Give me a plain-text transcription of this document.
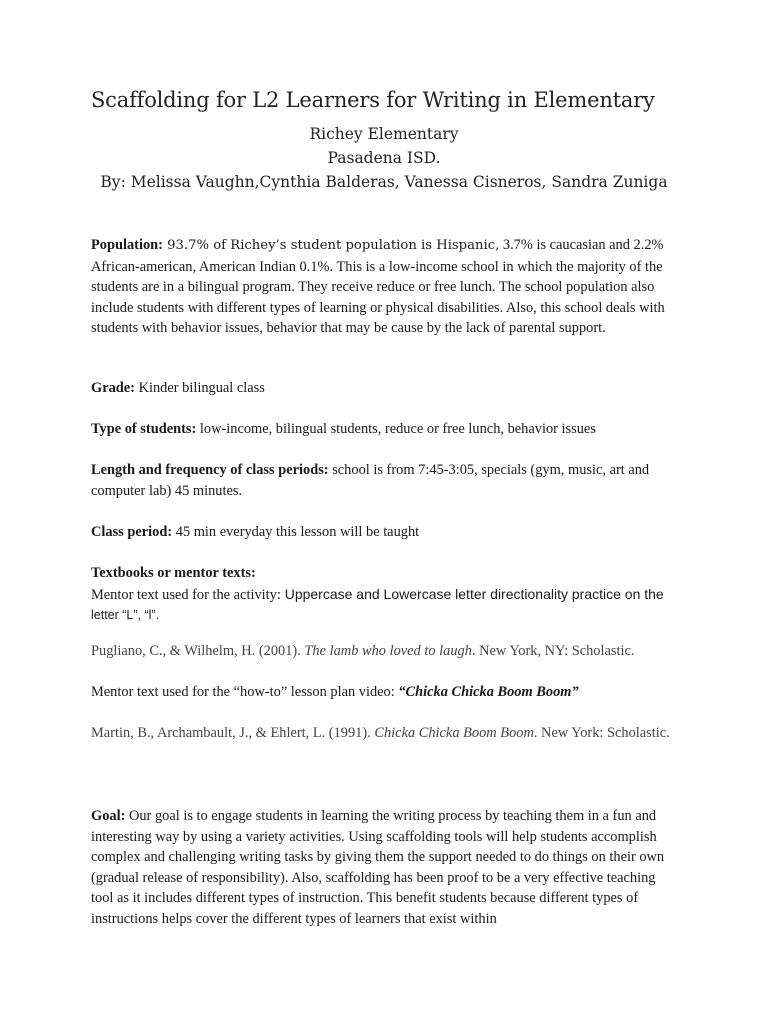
Scaffolding for L2 Learners for Writing in Elementary
Richey Elementary
Pasadena ISD.
By: Melissa Vaughn,Cynthia Balderas, Vanessa Cisneros, Sandra Zuniga

Population: 93.7% of Richey’s student population is Hispanic, 3.7% is caucasian and 2.2% African-american, American Indian 0.1%. This is a low-income school in which the majority of the students are in a bilingual program. They receive reduce or free lunch. The school population also include students with different types of learning or physical disabilities. Also, this school deals with students with behavior issues, behavior that may be cause by the lack of parental support.

Grade: Kinder bilingual class

Type of students: low-income, bilingual students, reduce or free lunch, behavior issues

Length and frequency of class periods: school is from 7:45-3:05, specials (gym, music, art and computer lab) 45 minutes.

Class period: 45 min everyday this lesson will be taught

Textbooks or mentor texts:
Mentor text used for the activity: Uppercase and Lowercase letter directionality practice on the
letter “L”, “l”.

Pugliano, C., & Wilhelm, H. (2001). The lamb who loved to laugh. New York, NY: Scholastic.

Mentor text used for the “how-to” lesson plan video: “Chicka Chicka Boom Boom”

Martin, B., Archambault, J., & Ehlert, L. (1991). Chicka Chicka Boom Boom. New York: Scholastic.

Goal: Our goal is to engage students in learning the writing process by teaching them in a fun and interesting way by using a variety activities. Using scaffolding tools will help students accomplish complex and challenging writing tasks by giving them the support needed to do things on their own (gradual release of responsibility). Also, scaffolding has been proof to be a very effective teaching tool as it includes different types of instruction. This benefit students because different types of instructions helps cover the different types of learners that exist within
